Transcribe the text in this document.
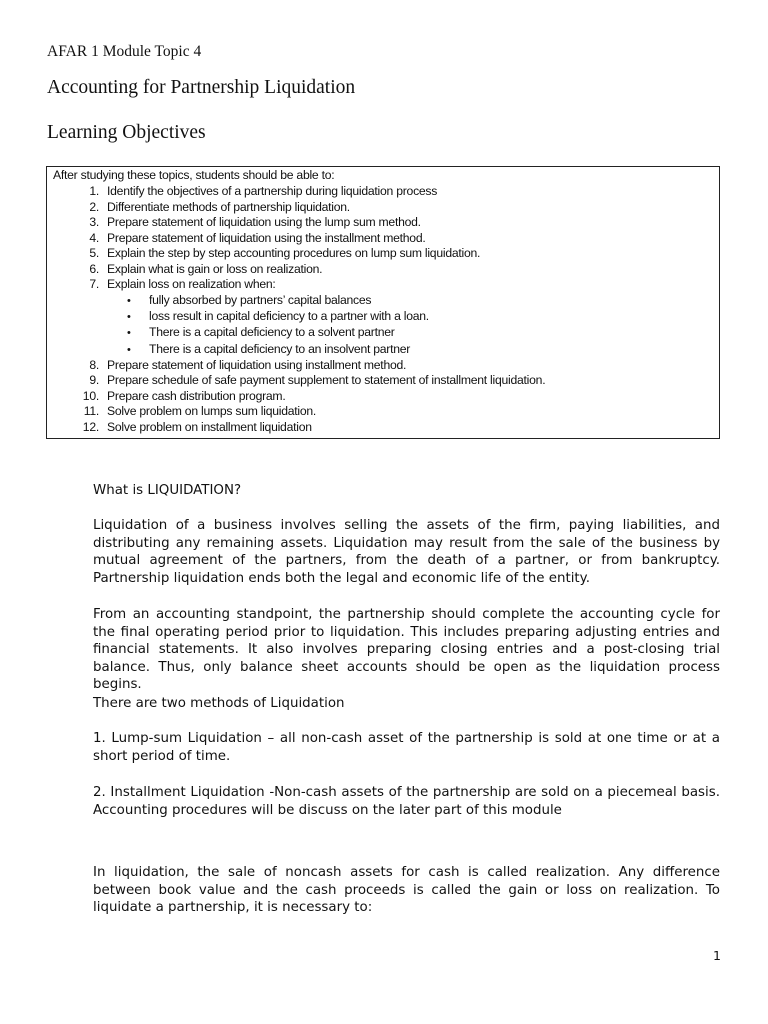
AFAR 1 Module Topic 4
Accounting for Partnership Liquidation
Learning Objectives
After studying these topics, students should be able to:
1. Identify the objectives of a partnership during liquidation process
2. Differentiate methods of partnership liquidation.
3. Prepare statement of liquidation using the lump sum method.
4. Prepare statement of liquidation using the installment method.
5. Explain the step by step accounting procedures on lump sum liquidation.
6. Explain what is gain or loss on realization.
7. Explain loss on realization when:
• fully absorbed by partners’ capital balances
• loss result in capital deficiency to a partner with a loan.
• There is a capital deficiency to a solvent partner
• There is a capital deficiency to an insolvent partner
8. Prepare statement of liquidation using installment method.
9. Prepare schedule of safe payment supplement to statement of installment liquidation.
10. Prepare cash distribution program.
11. Solve problem on lumps sum liquidation.
12. Solve problem on installment liquidation

What is LIQUIDATION?

Liquidation of a business involves selling the assets of the firm, paying liabilities, and distributing any remaining assets. Liquidation may result from the sale of the business by mutual agreement of the partners, from the death of a partner, or from bankruptcy. Partnership liquidation ends both the legal and economic life of the entity.

From an accounting standpoint, the partnership should complete the accounting cycle for the final operating period prior to liquidation. This includes preparing adjusting entries and financial statements. It also involves preparing closing entries and a post-closing trial balance. Thus, only balance sheet accounts should be open as the liquidation process begins.

There are two methods of Liquidation

1. Lump-sum Liquidation – all non-cash asset of the partnership is sold at one time or at a short period of time.

2. Installment Liquidation -Non-cash assets of the partnership are sold on a piecemeal basis. Accounting procedures will be discuss on the later part of this module

In liquidation, the sale of noncash assets for cash is called realization. Any difference between book value and the cash proceeds is called the gain or loss on realization. To liquidate a partnership, it is necessary to:

1
